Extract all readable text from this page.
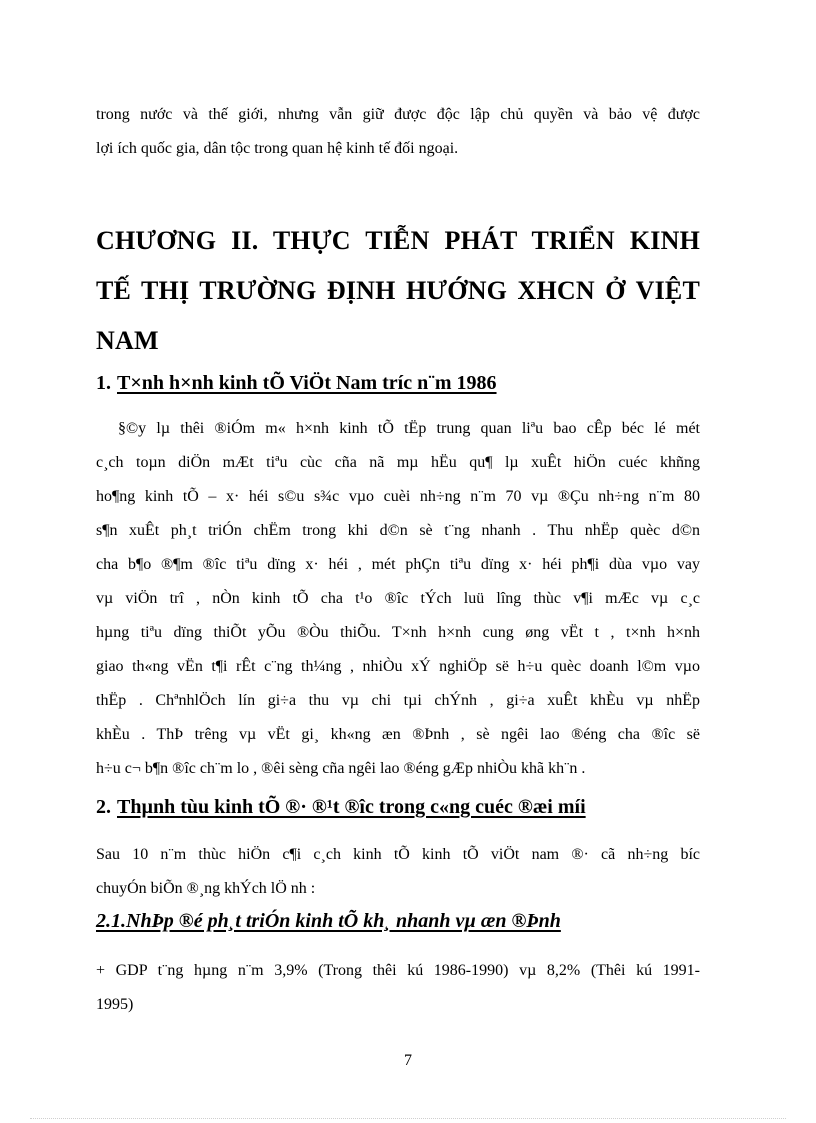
trong nước và thế giới, nhưng vẫn giữ được độc lập chủ quyền và bảo vệ được
lợi ích quốc gia, dân tộc trong quan hệ kinh tế đối ngoại.
CHƯƠNG II. THỰC TIỄN PHÁT TRIỂN KINH
TẾ THỊ TRƯỜNG ĐỊNH HƯỚNG XHCN Ở VIỆT
NAM
1. T×nh h×nh kinh tÕ ViÖt Nam tríc n¨m 1986
§©y lµ thêi ®iÓm m« h×nh kinh tÕ tËp trung quan liªu bao cÊp béc lé mét
c¸ch toµn diÖn mÆt tiªu cùc cña nã mµ hËu qu¶ lµ xuÊt hiÖn cuéc khñng
ho¶ng kinh tÕ – x· héi s©u s¾c vµo cuèi nh÷ng n¨m 70 vµ ®Çu nh÷ng n¨m 80
s¶n xuÊt ph¸t triÓn chËm trong khi d©n sè t¨ng nhanh . Thu nhËp quèc d©n
cha b¶o ®¶m ®îc tiªu dïng x· héi , mét phÇn tiªu dïng x· héi ph¶i dùa vµo vay
vµ viÖn trî , nÒn kinh tÕ cha t¹o ®îc tÝch luü lîng thùc v¶i mÆc vµ c¸c
hµng tiªu dïng thiÕt yÕu ®Òu thiÕu. T×nh h×nh cung øng vËt t , t×nh h×nh
giao th«ng vËn t¶i rÊt c¨ng th¼ng , nhiÒu xÝ nghiÖp së h÷u quèc doanh l©m vµo
thËp . ChªnhlÖch lín gi÷a thu vµ chi tµi chÝnh , gi÷a xuÊt khÈu vµ nhËp
khÈu . ThÞ trêng vµ vËt gi¸ kh«ng æn ®Þnh , sè ngêi lao ®éng cha ®îc së
h÷u c¬ b¶n ®îc ch¨m lo , ®êi sèng cña ngêi lao ®éng gÆp nhiÒu khã kh¨n .
2. Thµnh tùu kinh tÕ ®· ®¹t ®îc trong c«ng cuéc ®æi míi
Sau 10 n¨m thùc hiÖn c¶i c¸ch kinh tÕ kinh tÕ viÖt nam ®· cã nh÷ng bíc
chuyÓn biÕn ®¸ng khÝch lÖ nh :
2.1.NhÞp ®é ph¸t triÓn kinh tÕ kh¸ nhanh vµ æn ®Þnh
+ GDP t¨ng hµng n¨m 3,9% (Trong thêi kú 1986-1990) vµ 8,2% (Thêi kú 1991-
1995)
7
